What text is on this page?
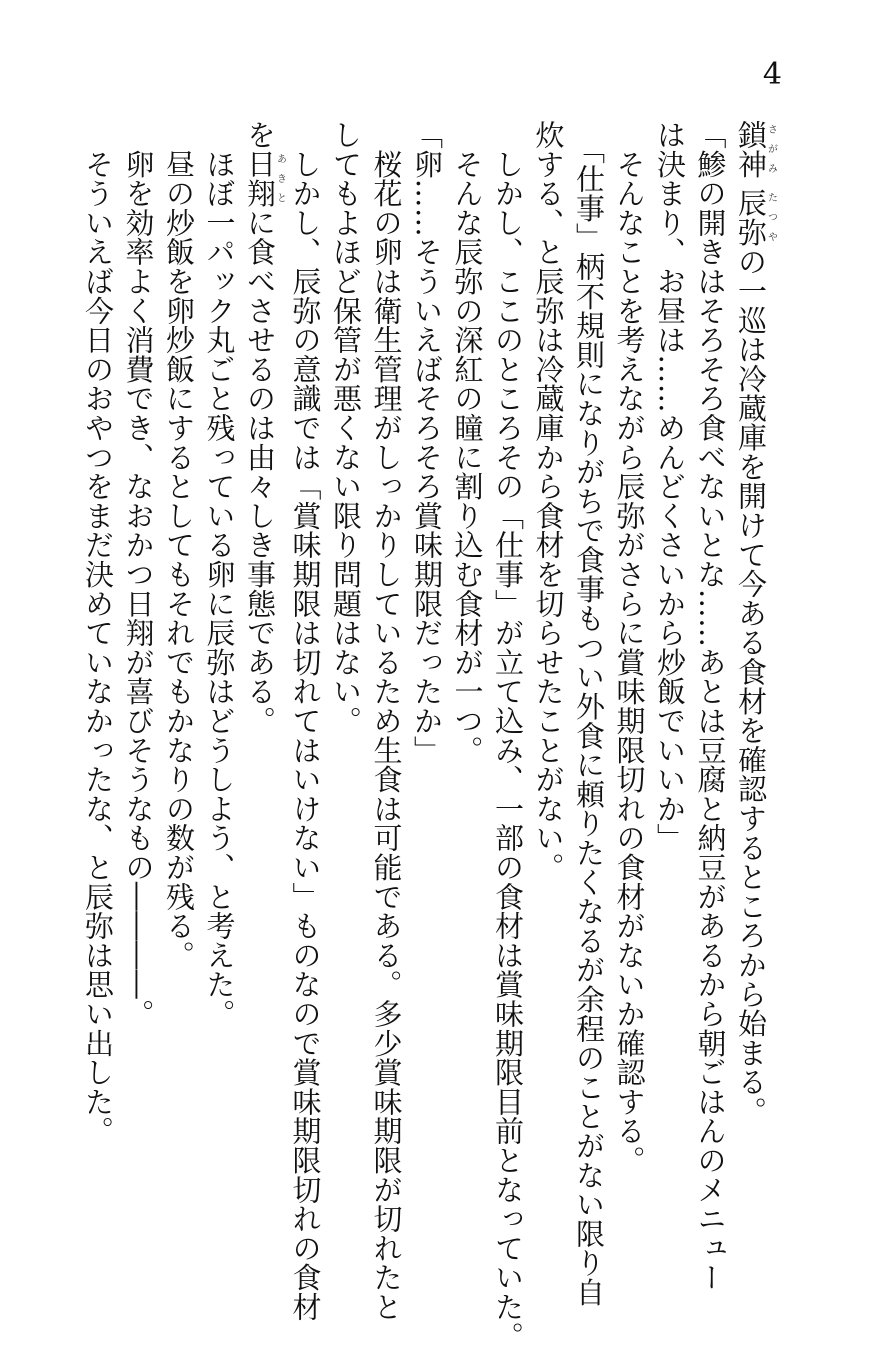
4
鎖神さがみ 辰弥たつやの一巡は冷蔵庫を開けて今ある食材を確認するところから始まる。
「鯵の開きはそろそろ食べないとな……あとは豆腐と納豆があるから朝ごはんのメニュー
は決まり、お昼は……めんどくさいから炒飯でいいか」
　そんなことを考えながら辰弥がさらに賞味期限切れの食材がないか確認する。
　「仕事」柄不規則になりがちで食事もつい外食に頼りたくなるが余程のことがない限り自
炊する、と辰弥は冷蔵庫から食材を切らせたことがない。
　しかし、ここのところその「仕事」が立て込み、一部の食材は賞味期限目前となっていた。
　そんな辰弥の深紅の瞳に割り込む食材が一つ。
「卵……そういえばそろそろ賞味期限だったか」
　桜花の卵は衛生管理がしっかりしているため生食は可能である。多少賞味期限が切れたと
してもよほど保管が悪くない限り問題はない。
　しかし、辰弥の意識では「賞味期限は切れてはいけない」ものなので賞味期限切れの食材
を日翔あきとに食べさせるのは由々しき事態である。
　ほぼ一パック丸ごと残っている卵に辰弥はどうしよう、と考えた。
　昼の炒飯を卵炒飯にするとしてもそれでもかなりの数が残る。
　卵を効率よく消費でき、なおかつ日翔が喜びそうなもの――――。
　そういえば今日のおやつをまだ決めていなかったな、と辰弥は思い出した。
